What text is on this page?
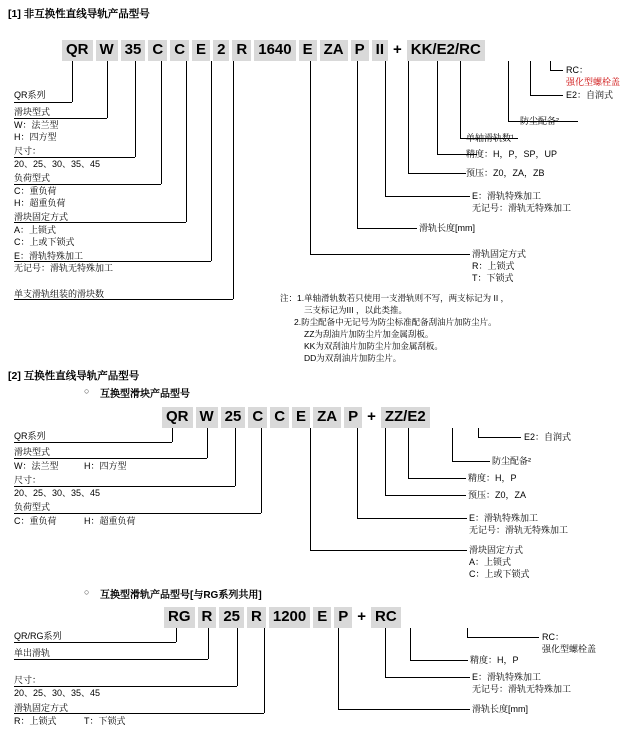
[1] 非互换性直线导轨产品型号
QR W 35 C C E 2 R 1640 E ZA P II + KK/E2/RC
QR系列
滑块型式
W：法兰型
H：四方型
尺寸：
20、25、30、35、45
负荷型式
C：重负荷
H：超重负荷
滑块固定方式
A：上锁式
C：上或下锁式
E：滑轨特殊加工
无记号：滑轨无特殊加工
单支滑轨组装的滑块数
RC：
强化型螺栓盖
E2：自润式
防尘配备²
单轴滑轨数¹
精度：H，P，SP，UP
预压：Z0，ZA，ZB
E：滑轨特殊加工
无记号：滑轨无特殊加工
滑轨长度[mm]
滑轨固定方式
R：上锁式
T：下锁式
注：1.单轴滑轨数若只使用一支滑轨则不写，两支标记为 II ，
三支标记为III ，以此类推。
2.防尘配备中无记号为防尘标准配备刮油片加防尘片。
ZZ为刮油片加防尘片加金属刮板。
KK为双刮油片加防尘片加金属刮板。
DD为双刮油片加防尘片。
[2] 互换性直线导轨产品型号
○ 互换型滑块产品型号
QR W 25 C C E ZA P + ZZ/E2
QR系列
滑块型式
W：法兰型	H：四方型
尺寸：
20、25、30、35、45
负荷型式
C：重负荷	H：超重负荷
E2：自润式
防尘配备²
精度：H，P
预压：Z0，ZA
E：滑轨特殊加工
无记号：滑轨无特殊加工
滑块固定方式
A：上锁式
C：上或下锁式
○ 互换型滑轨产品型号[与RG系列共用]
RG R 25 R 1200 E P + RC
QR/RG系列
单出滑轨
尺寸：
20、25、30、35、45
滑轨固定方式
R：上锁式	T：下锁式
RC：
强化型螺栓盖
精度：H，P
E：滑轨特殊加工
无记号：滑轨无特殊加工
滑轨长度[mm]
